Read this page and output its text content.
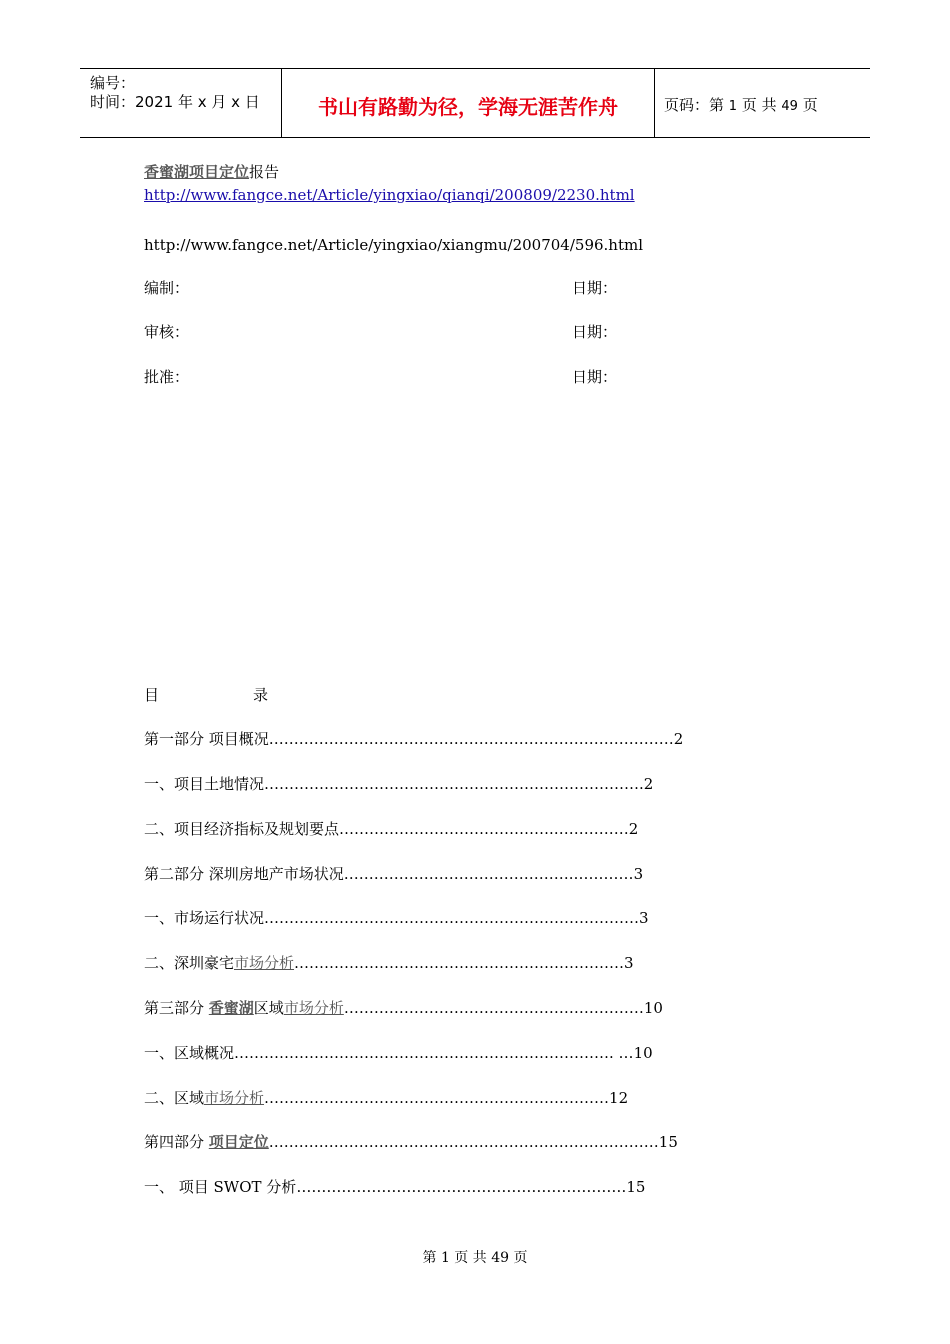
编号：
时间：2021 年 x 月 x 日	书山有路勤为径，学海无涯苦作舟	页码：第 1 页 共 49 页
香蜜湖项目定位报告
http://www.fangce.net/Article/yingxiao/qianqi/200809/2230.html
http://www.fangce.net/Article/yingxiao/xiangmu/200704/596.html
编制：	日期：
审核：	日期：
批准：	日期：
目	录
第一部分 项目概况………………………………………………………………………2
一、项目土地情况………………………………………………………………….2
二、项目经济指标及规划要点…………………………………….……………2
第二部分 深圳房地产市场状况……………………………………….…………3
一、市场运行状况…………………………………………………………………3
二、深圳豪宅市场分析…………………………………………………………3
第三部分 香蜜湖区域市场分析……………………………………………………10
一、区域概况…………………………………………………………………. …10
二、区域市场分析……………………………………………………………12
第四部分 项目定位……………………………………………………………………15
一、 项目 SWOT 分析…………………………………………………………15
第 1 页 共 49 页
